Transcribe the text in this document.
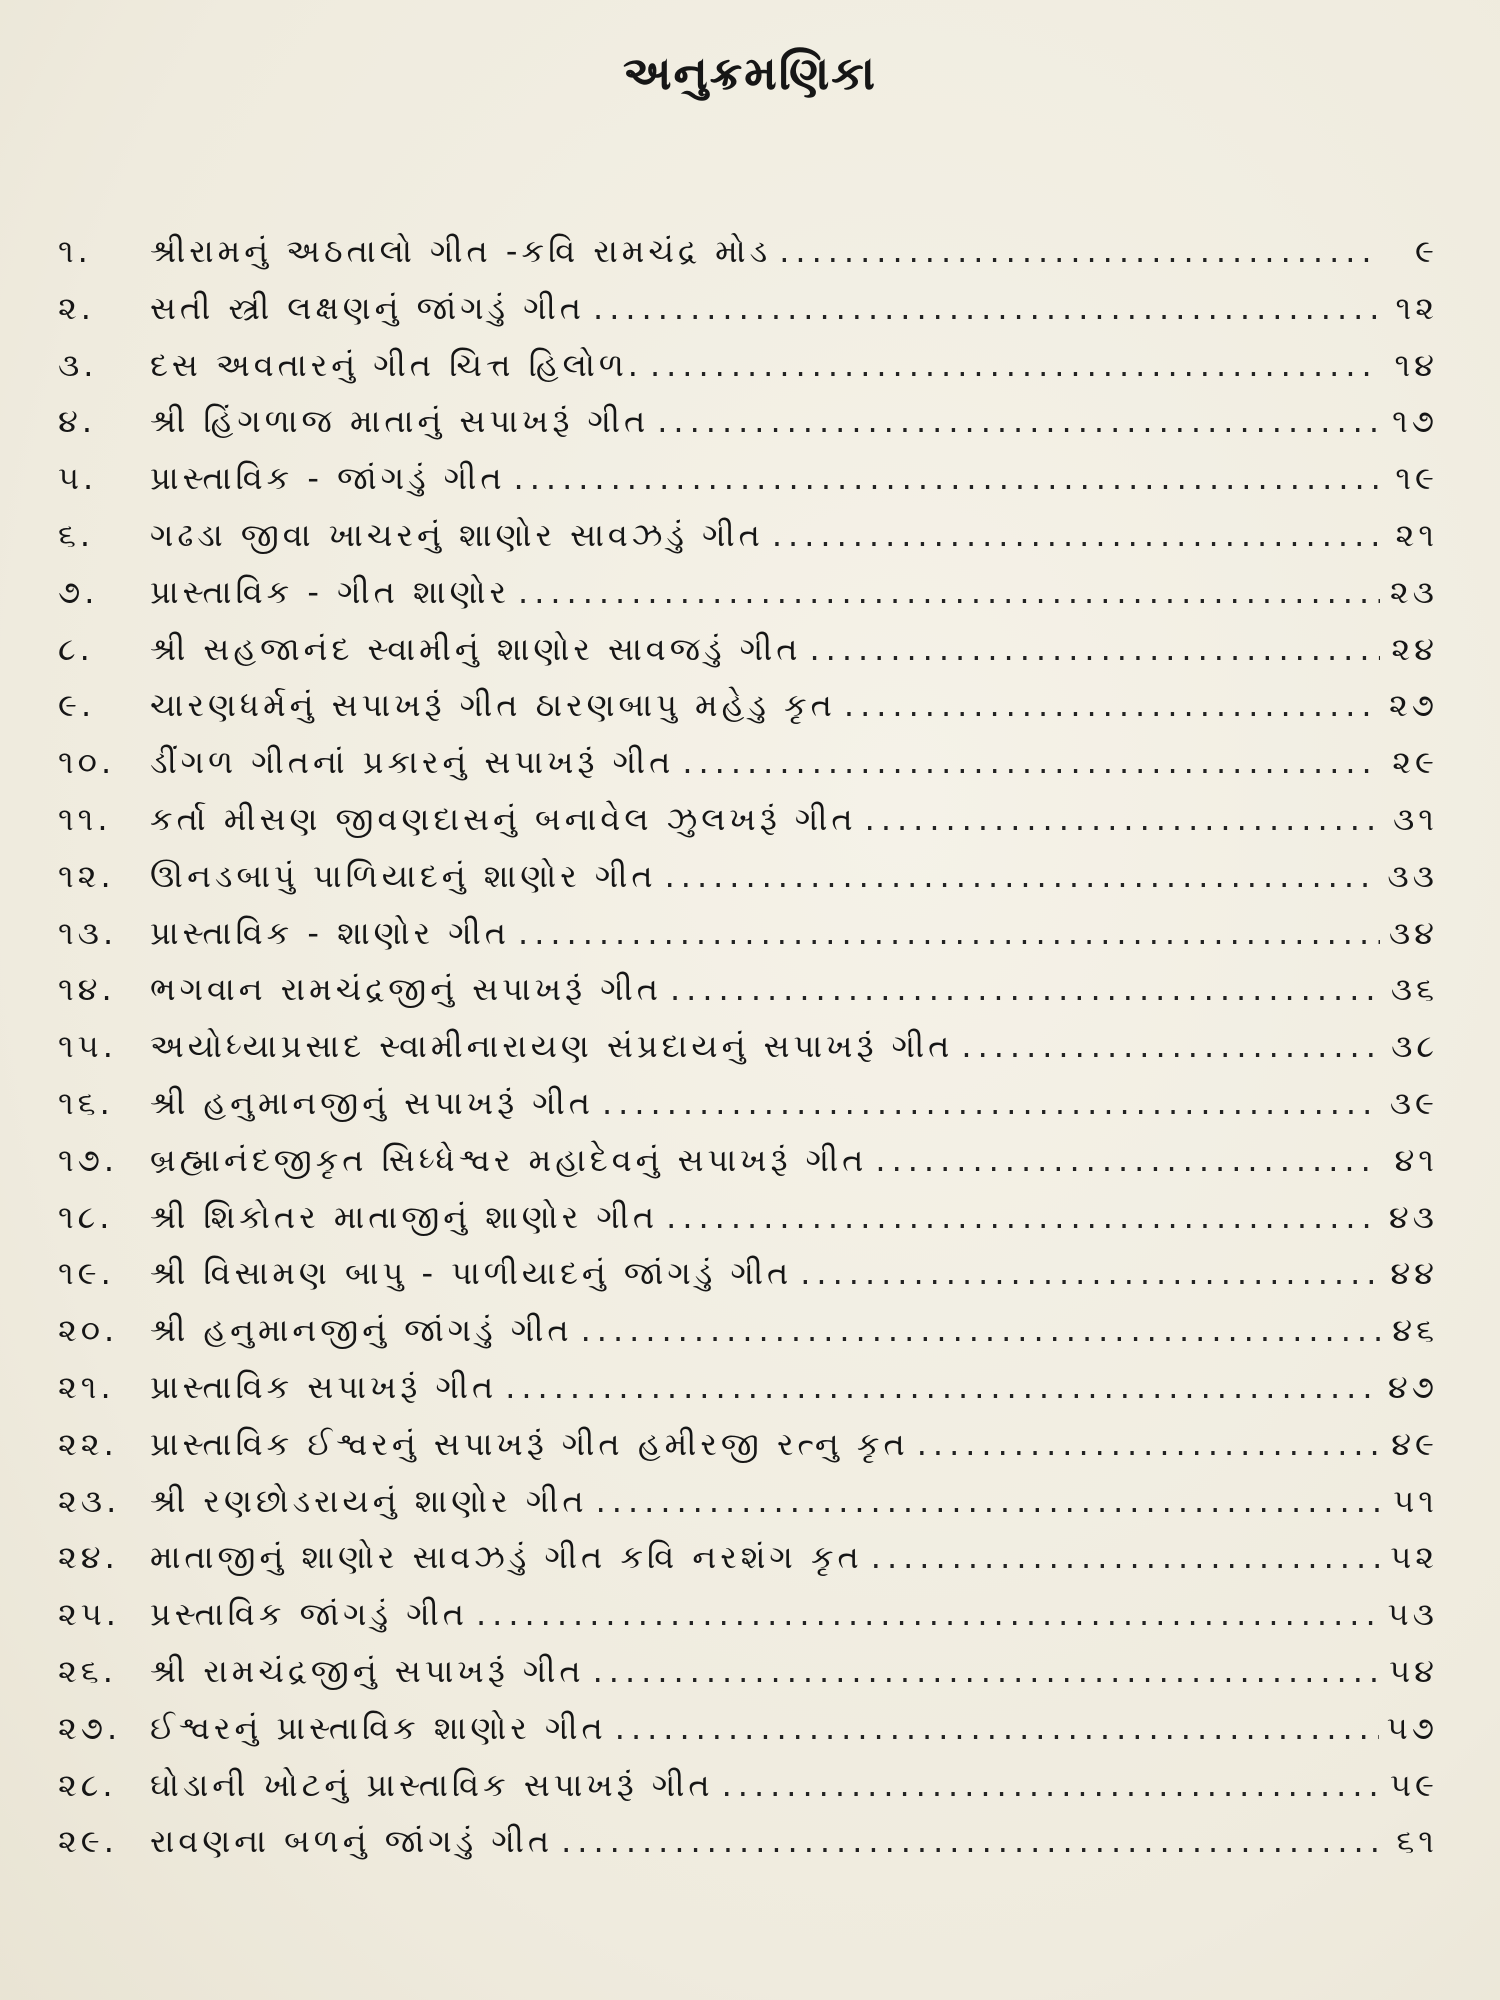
અનુક્રમણિકા
૧.	શ્રીરામનું અઠતાલો ગીત -કવિ રામચંદ્ર મોડ .....	૯
૨.	સતી સ્ત્રી લક્ષણનું જાંગડું ગીત .....	૧૨
૩.	દસ અવતારનું ગીત ચિત્ત હિલોળ. .....	૧૪
૪.	શ્રી હિંગળાજ માતાનું સપાખરૂં ગીત .....	૧૭
૫.	પ્રાસ્તાવિક - જાંગડું ગીત .....	૧૯
૬.	ગઢડા જીવા ખાચરનું શાણોર સાવઝડું ગીત .....	૨૧
૭.	પ્રાસ્તાવિક - ગીત શાણોર .....	૨૩
૮.	શ્રી સહજાનંદ સ્વામીનું શાણોર સાવજડું ગીત .....	૨૪
૯.	ચારણધર્મનું સપાખરૂં ગીત ઠારણબાપુ મહેડુ કૃત .....	૨૭
૧૦.	ડીંગળ ગીતનાં પ્રકારનું સપાખરૂં ગીત .....	૨૯
૧૧.	કર્તા મીસણ જીવણદાસનું બનાવેલ ઝુલખરૂં ગીત .....	૩૧
૧૨.	ઊનડબાપું પાળિયાદનું શાણોર ગીત .....	૩૩
૧૩.	પ્રાસ્તાવિક - શાણોર ગીત .....	૩૪
૧૪.	ભગવાન રામચંદ્રજીનું સપાખરૂં ગીત .....	૩૬
૧૫.	અયોધ્યાપ્રસાદ સ્વામીનારાયણ સંપ્રદાયનું સપાખરૂં ગીત .....	૩૮
૧૬.	શ્રી હનુમાનજીનું સપાખરૂં ગીત .....	૩૯
૧૭. બ્રહ્માનંદજીકૃત સિધ્ધેશ્વર મહાદેવનું સપાખરૂં ગીત .....	૪૧
૧૮.	શ્રી શિકોતર માતાજીનું શાણોર ગીત .....	૪૩
૧૯.	શ્રી વિસામણ બાપુ - પાળીયાદનું જાંગડું ગીત .....	૪૪
૨૦. શ્રી હનુમાનજીનું જાંગડું ગીત .....	૪૬
૨૧.	પ્રાસ્તાવિક સપાખરૂં ગીત .....	૪૭
૨૨.	પ્રાસ્તાવિક ઈશ્વરનું સપાખરૂં ગીત હમીરજી રત્નુ કૃત .....	૪૯
૨૩. શ્રી રણછોડરાયનું શાણોર ગીત .....	૫૧
૨૪. માતાજીનું શાણોર સાવઝડું ગીત કવિ નરશંગ કૃત .....	૫૨
૨૫. પ્રસ્તાવિક જાંગડું ગીત .....	૫૩
૨૬.	શ્રી રામચંદ્રજીનું સપાખરૂં ગીત .....	૫૪
૨૭. ઈશ્વરનું પ્રાસ્તાવિક શાણોર ગીત .....	૫૭
૨૮.	ઘોડાની ખોટનું પ્રાસ્તાવિક સપાખરૂં ગીત .....	૫૯
૨૯.	રાવણના બળનું જાંગડું ગીત .....	૬૧
